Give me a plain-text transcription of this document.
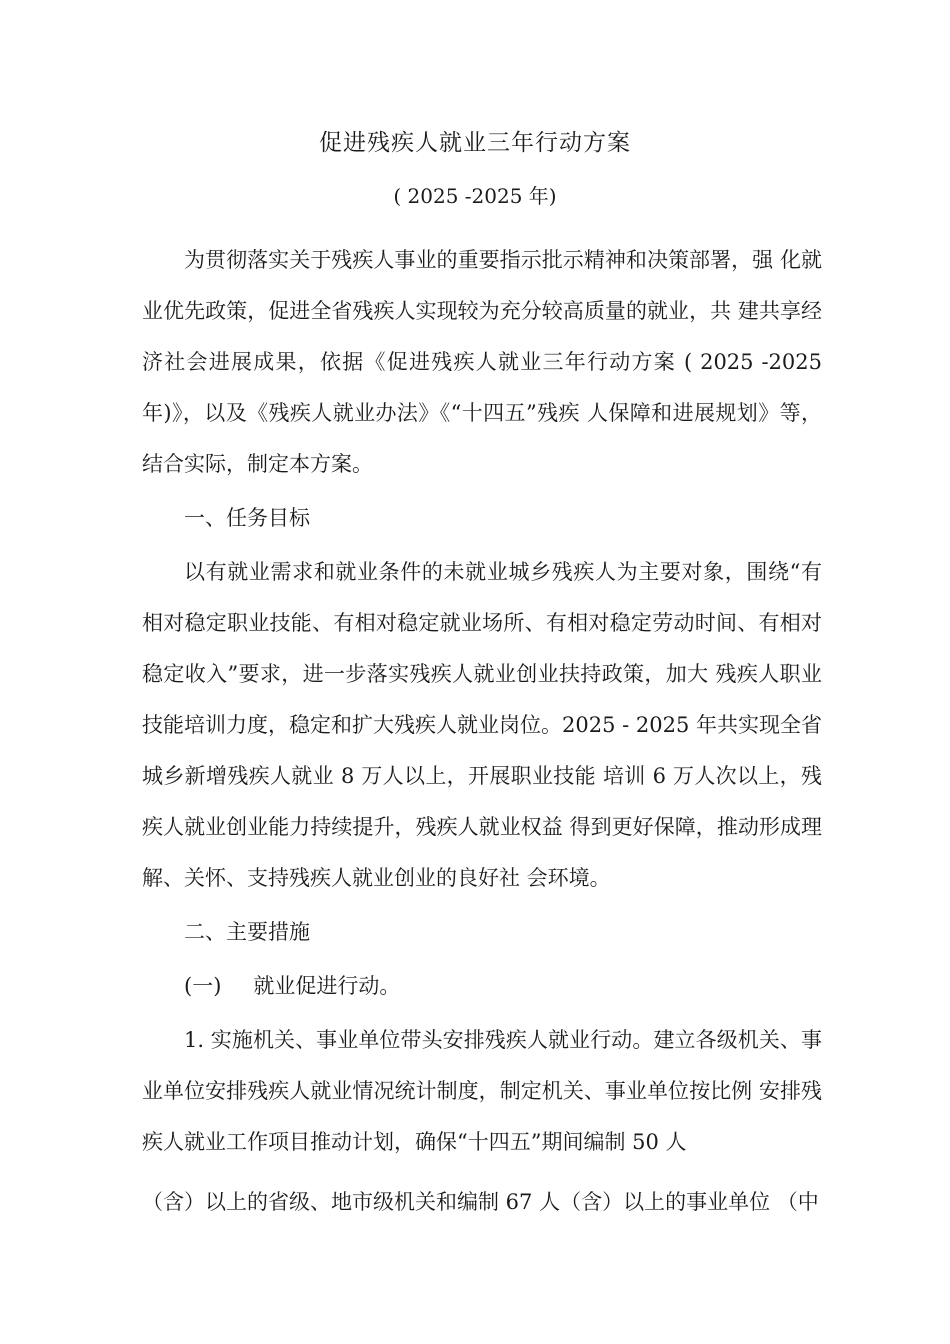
促进残疾人就业三年行动方案
( 2025 -2025 年)

为贯彻落实关于残疾人事业的重要指示批示精神和决策部署，强 化就业优先政策，促进全省残疾人实现较为充分较高质量的就业，共 建共享经济社会进展成果，依据《促进残疾人就业三年行动方案 ( 2025 -2025 年)》，以及《残疾人就业办法》《“十四五”残疾 人保障和进展规划》等，结合实际，制定本方案。

一、任务目标

以有就业需求和就业条件的未就业城乡残疾人为主要对象，围绕“有相对稳定职业技能、有相对稳定就业场所、有相对稳定劳动时间、有相对稳定收入”要求，进一步落实残疾人就业创业扶持政策，加大 残疾人职业技能培训力度，稳定和扩大残疾人就业岗位。2025 - 2025 年共实现全省城乡新增残疾人就业 8 万人以上，开展职业技能 培训 6 万人次以上，残疾人就业创业能力持续提升，残疾人就业权益 得到更好保障，推动形成理解、关怀、支持残疾人就业创业的良好社 会环境。

二、主要措施

(一) 就业促进行动。

1. 实施机关、事业单位带头安排残疾人就业行动。建立各级机关、事业单位安排残疾人就业情况统计制度，制定机关、事业单位按比例 安排残疾人就业工作项目推动计划，确保“十四五”期间编制 50 人

（含）以上的省级、地市级机关和编制 67 人（含）以上的事业单位 （中
